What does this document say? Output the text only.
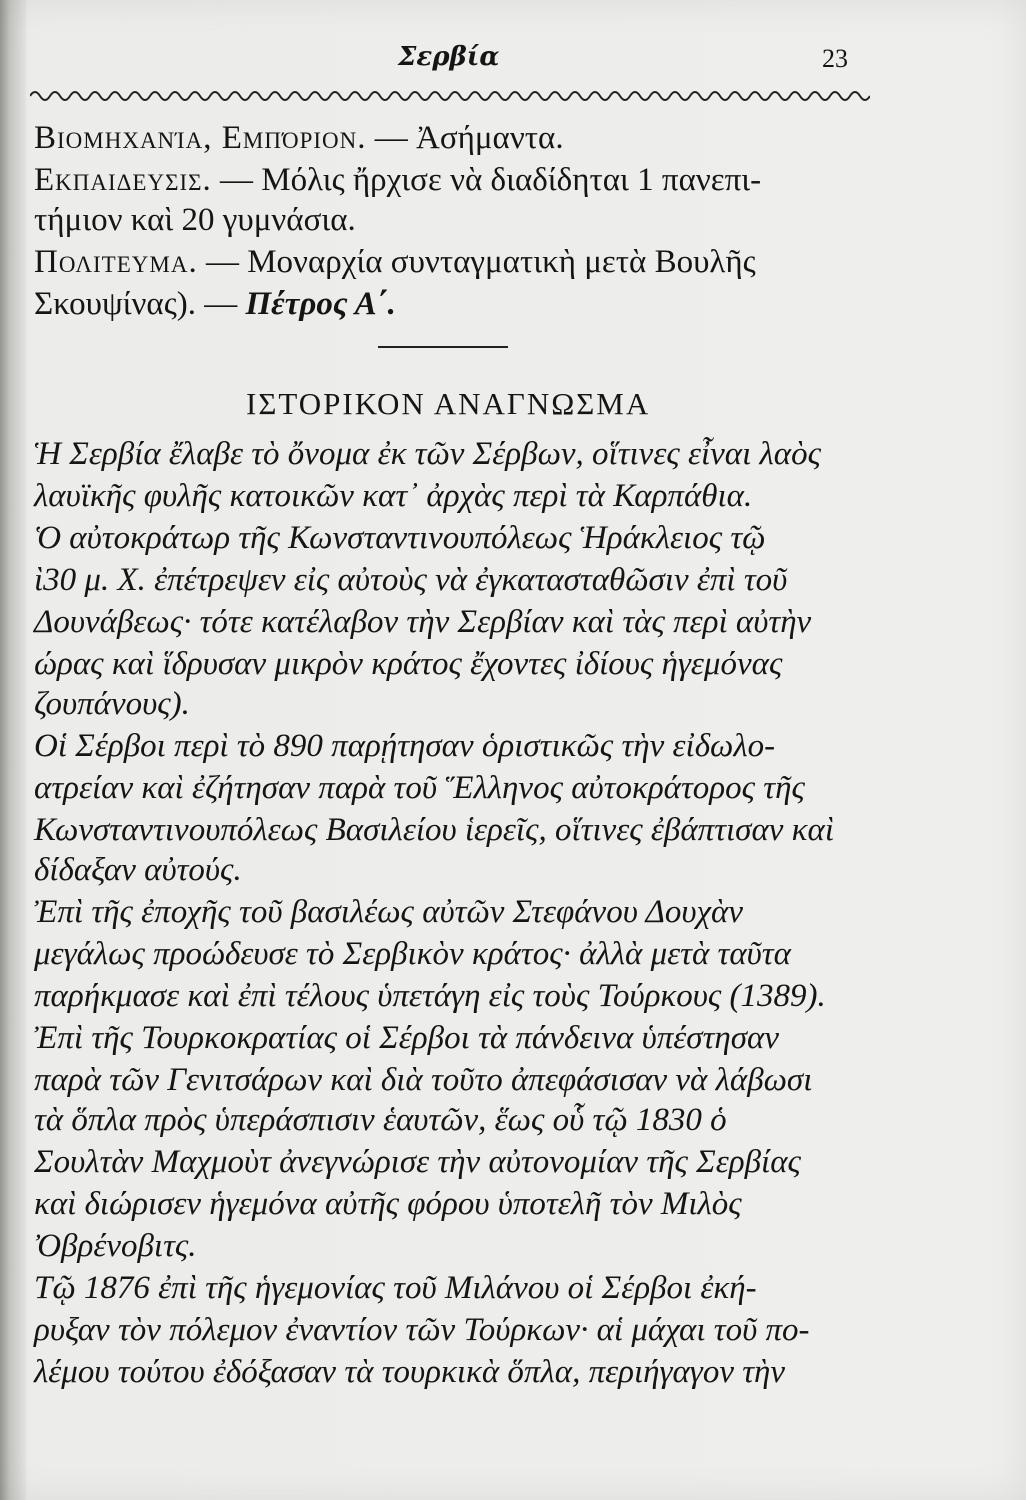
Σερβία	23
Βιομηχανία, Εμπόριον. — Ἀσήμαντα.
Εκπαιδευσις. — Μόλις ἤρχισε νὰ διαδίδηται 1 πανεπι-
τήμιον καὶ 20 γυμνάσια.
Πολιτευμα. — Μοναρχία συνταγματικὴ μετὰ Βουλῆς
Σκουψίνας). — Πέτρος Α΄.
ΙΣΤΟΡΙΚΟΝ ΑΝΑΓΝΩΣΜΑ
Ἡ Σερβία ἔλαβε τὸ ὄνομα ἐκ τῶν Σέρβων, οἵτινες εἶναι λαὸς
λαυϊκῆς φυλῆς κατοικῶν κατ᾽ ἀρχὰς περὶ τὰ Καρπάθια.
Ὁ αὐτοκράτωρ τῆς Κωνσταντινουπόλεως Ἡράκλειος τῷ
ὶ30 μ. Χ. ἐπέτρεψεν εἰς αὐτοὺς νὰ ἐγκατασταθῶσιν ἐπὶ τοῦ
Δουνάβεως· τότε κατέλαβον τὴν Σερβίαν καὶ τὰς περὶ αὐτὴν
ώρας καὶ ἵδρυσαν μικρὸν κράτος ἔχοντες ἰδίους ἡγεμόνας
ζουπάνους).
Οἱ Σέρβοι περὶ τὸ 890 παρῄτησαν ὁριστικῶς τὴν εἰδωλο-
ατρείαν καὶ ἐζήτησαν παρὰ τοῦ Ἕλληνος αὐτοκράτορος τῆς
Κωνσταντινουπόλεως Βασιλείου ἱερεῖς, οἵτινες ἐβάπτισαν καὶ
δίδαξαν αὐτούς.
Ἐπὶ τῆς ἐποχῆς τοῦ βασιλέως αὐτῶν Στεφάνου Δουχὰν
μεγάλως προώδευσε τὸ Σερβικὸν κράτος· ἀλλὰ μετὰ ταῦτα
παρήκμασε καὶ ἐπὶ τέλους ὑπετάγη εἰς τοὺς Τούρκους (1389).
Ἐπὶ τῆς Τουρκοκρατίας οἱ Σέρβοι τὰ πάνδεινα ὑπέστησαν
παρὰ τῶν Γενιτσάρων καὶ διὰ τοῦτο ἀπεφάσισαν νὰ λάβωσι
τὰ ὅπλα πρὸς ὑπεράσπισιν ἑαυτῶν, ἕως οὗ τῷ 1830 ὁ
Σουλτὰν Μαχμοὺτ ἀνεγνώρισε τὴν αὐτονομίαν τῆς Σερβίας
καὶ διώρισεν ἡγεμόνα αὐτῆς φόρου ὑποτελῆ τὸν Μιλὸς
Ὀβρένοβιτς.
Τῷ 1876 ἐπὶ τῆς ἡγεμονίας τοῦ Μιλάνου οἱ Σέρβοι ἐκή-
ρυξαν τὸν πόλεμον ἐναντίον τῶν Τούρκων· αἱ μάχαι τοῦ πο-
λέμου τούτου ἐδόξασαν τὰ τουρκικὰ ὅπλα, περιήγαγον τὴν
